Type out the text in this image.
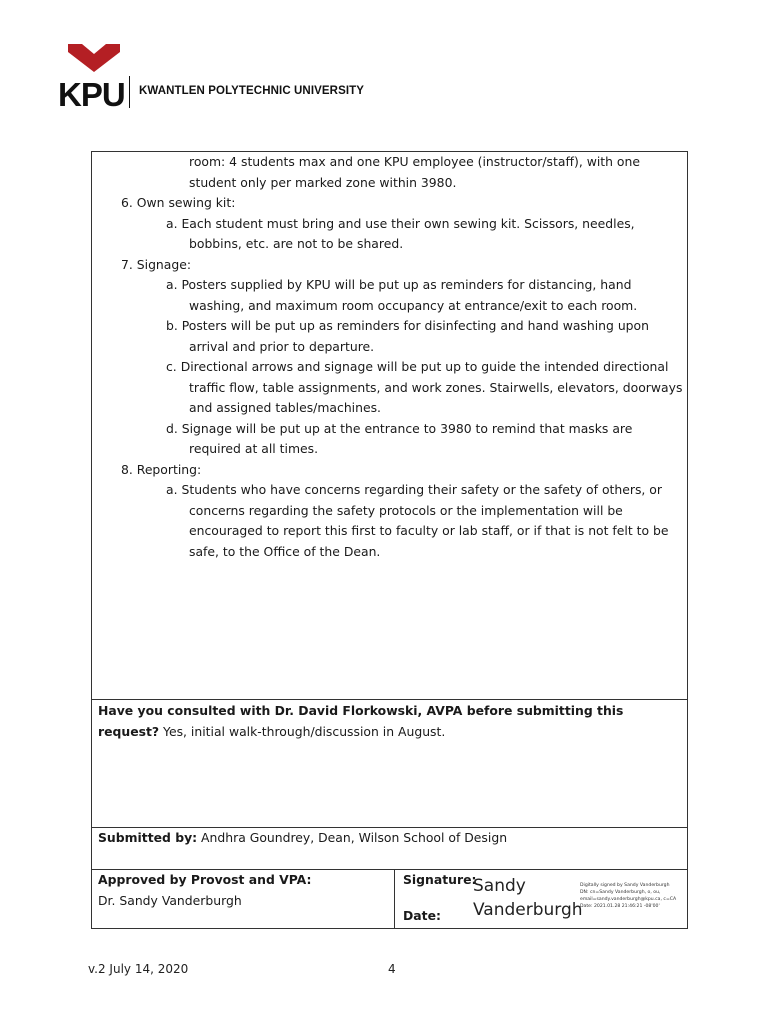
KPU KWANTLEN POLYTECHNIC UNIVERSITY
room: 4 students max and one KPU employee (instructor/staff), with one
student only per marked zone within 3980.
6. Own sewing kit:
a. Each student must bring and use their own sewing kit. Scissors, needles,
bobbins, etc. are not to be shared.
7. Signage:
a. Posters supplied by KPU will be put up as reminders for distancing, hand
washing, and maximum room occupancy at entrance/exit to each room.
b. Posters will be put up as reminders for disinfecting and hand washing upon
arrival and prior to departure.
c. Directional arrows and signage will be put up to guide the intended directional
traffic flow, table assignments, and work zones. Stairwells, elevators, doorways
and assigned tables/machines.
d. Signage will be put up at the entrance to 3980 to remind that masks are
required at all times.
8. Reporting:
a. Students who have concerns regarding their safety or the safety of others, or
concerns regarding the safety protocols or the implementation will be
encouraged to report this first to faculty or lab staff, or if that is not felt to be
safe, to the Office of the Dean.
Have you consulted with Dr. David Florkowski, AVPA before submitting this
request? Yes, initial walk-through/discussion in August.
Submitted by: Andhra Goundrey, Dean, Wilson School of Design
Approved by Provost and VPA:
Dr. Sandy Vanderburgh
Signature:
Date:
Sandy
Vanderburgh
Digitally signed by Sandy Vanderburgh
DN: cn=Sandy Vanderburgh, o, ou,
email=sandy.vanderburgh@kpu.ca, c=CA
Date: 2021.01.28 21:46:21 -08'00'
v.2 July 14, 2020	4
